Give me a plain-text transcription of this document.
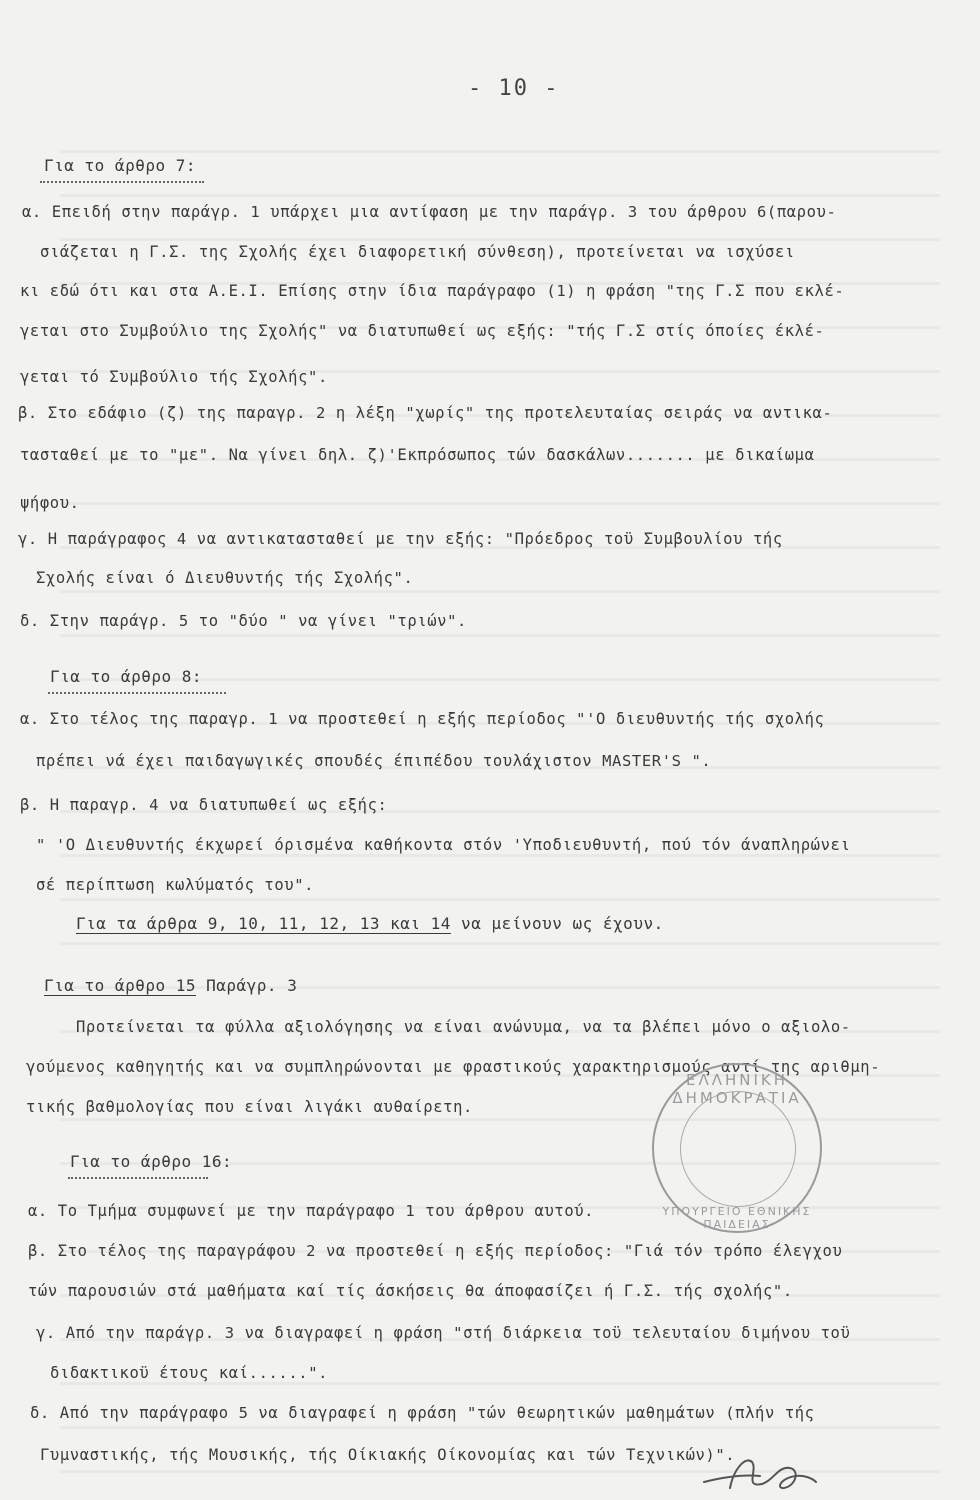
- 10 -
Για το άρθρο 7:
α. Επειδή στην παράγρ. 1 υπάρχει μια αντίφαση με την παράγρ. 3 του άρθρου 6(παρου-
σιάζεται η Γ.Σ. της Σχολής έχει διαφορετική σύνθεση), προτείνεται να ισχύσει
κι εδώ ότι και στα Α.Ε.Ι. Επίσης στην ίδια παράγραφο (1) η φράση "της Γ.Σ που εκλέ-
γεται στο Συμβούλιο της Σχολής" να διατυπωθεί ως εξής: "τής Γ.Σ στίς όποίες έκλέ-
γεται τό Συμβούλιο τής Σχολής".
β. Στο εδάφιο (ζ) της παραγρ. 2 η λέξη "χωρίς" της προτελευταίας σειράς να αντικα-
τασταθεί με το "με". Να γίνει δηλ. ζ)'Εκπρόσωπος τών δασκάλων....... με δικαίωμα
ψήφου.
γ. Η παράγραφος 4 να αντικατασταθεί με την εξής: "Πρόεδρος τοϋ Συμβουλίου τής
Σχολής είναι ό Διευθυντής τής Σχολής".
δ. Στην παράγρ. 5 το "δύο " να γίνει "τριών".
Για το άρθρο 8:
α. Στο τέλος της παραγρ. 1 να προστεθεί η εξής περίοδος "'Ο διευθυντής τής σχολής
πρέπει νά έχει παιδαγωγικές σπουδές έπιπέδου τουλάχιστον MASTER'S ".
β. Η παραγρ. 4 να διατυπωθεί ως εξής:
" 'Ο Διευθυντής έκχωρεί όρισμένα καθήκοντα στόν 'Υποδιευθυντή, πού τόν άναπληρώνει
σέ περίπτωση κωλύματός του".
Για τα άρθρα 9, 10, 11, 12, 13 και 14 να μείνουν ως έχουν.
Για το άρθρο 15 Παράγρ. 3
Προτείνεται τα φύλλα αξιολόγησης να είναι ανώνυμα, να τα βλέπει μόνο ο αξιολο-
γούμενος καθηγητής και να συμπληρώνονται με φραστικούς χαρακτηρισμούς αντί της αριθμη-
τικής βαθμολογίας που είναι λιγάκι αυθαίρετη.
Για το άρθρο 16:
α. Το Τμήμα συμφωνεί με την παράγραφο 1 του άρθρου αυτού.
β. Στο τέλος της παραγράφου 2 να προστεθεί η εξής περίοδος: "Γιά τόν τρόπο έλεγχου
τών παρουσιών στά μαθήματα καί τίς άσκήσεις θα άποφασίζει ή Γ.Σ. τής σχολής".
γ. Από την παράγρ. 3 να διαγραφεί η φράση "στή διάρκεια τοϋ τελευταίου διμήνου τοϋ
διδακτικοϋ έτους καί......".
δ. Από την παράγραφο 5 να διαγραφεί η φράση "τών θεωρητικών μαθημάτων (πλήν τής
Γυμναστικής, τής Μουσικής, τής Οίκιακής Οίκονομίας και τών Τεχνικών)".
ΕΛΛΗΝΙΚΗ ΔΗΜΟΚΡΑΤΙΑ
ΥΠΟΥΡΓΕΙΟ ΕΘΝΙΚΗΣ ΠΑΙΔΕΙΑΣ
